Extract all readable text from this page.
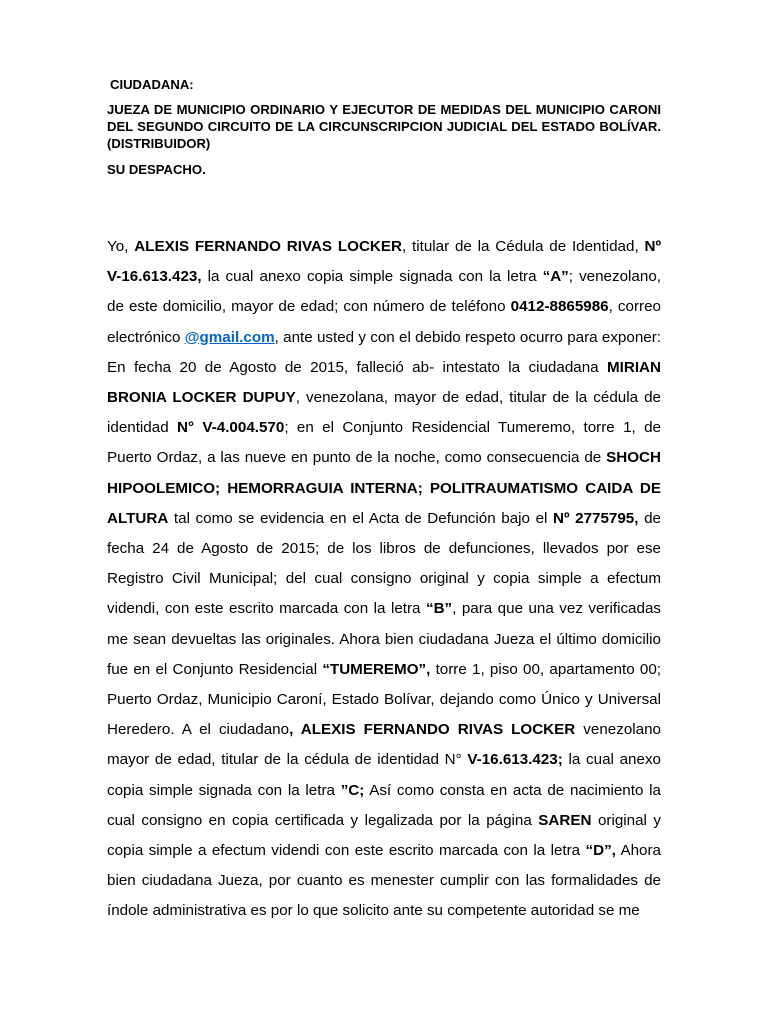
CIUDADANA:

JUEZA DE MUNICIPIO ORDINARIO Y EJECUTOR DE MEDIDAS DEL MUNICIPIO CARONI DEL SEGUNDO CIRCUITO DE LA CIRCUNSCRIPCION JUDICIAL DEL ESTADO BOLÍVAR. (DISTRIBUIDOR)

SU DESPACHO.

Yo, ALEXIS FERNANDO RIVAS LOCKER, titular de la Cédula de Identidad, Nº V-16.613.423, la cual anexo copia simple signada con la letra “A”; venezolano, de este domicilio, mayor de edad; con número de teléfono 0412-8865986, correo electrónico @gmail.com, ante usted y con el debido respeto ocurro para exponer: En fecha 20 de Agosto de 2015, falleció ab- intestato la ciudadana MIRIAN BRONIA LOCKER DUPUY, venezolana, mayor de edad, titular de la cédula de identidad N° V-4.004.570; en el Conjunto Residencial Tumeremo, torre 1, de Puerto Ordaz, a las nueve en punto de la noche, como consecuencia de SHOCH HIPOOLEMICO; HEMORRAGUIA INTERNA; POLITRAUMATISMO CAIDA DE ALTURA tal como se evidencia en el Acta de Defunción bajo el Nº 2775795, de fecha 24 de Agosto de 2015; de los libros de defunciones, llevados por ese Registro Civil Municipal; del cual consigno original y copia simple a efectum videndi, con este escrito marcada con la letra “B”, para que una vez verificadas me sean devueltas las originales. Ahora bien ciudadana Jueza el último domicilio fue en el Conjunto Residencial “TUMEREMO”, torre 1, piso 00, apartamento 00; Puerto Ordaz, Municipio Caroní, Estado Bolívar, dejando como Único y Universal Heredero. A el ciudadano, ALEXIS FERNANDO RIVAS LOCKER venezolano mayor de edad, titular de la cédula de identidad N° V-16.613.423; la cual anexo copia simple signada con la letra ”C; Así como consta en acta de nacimiento la cual consigno en copia certificada y legalizada por la página SAREN original y copia simple a efectum videndi con este escrito marcada con la letra “D”, Ahora bien ciudadana Jueza, por cuanto es menester cumplir con las formalidades de índole administrativa es por lo que solicito ante su competente autoridad se me
